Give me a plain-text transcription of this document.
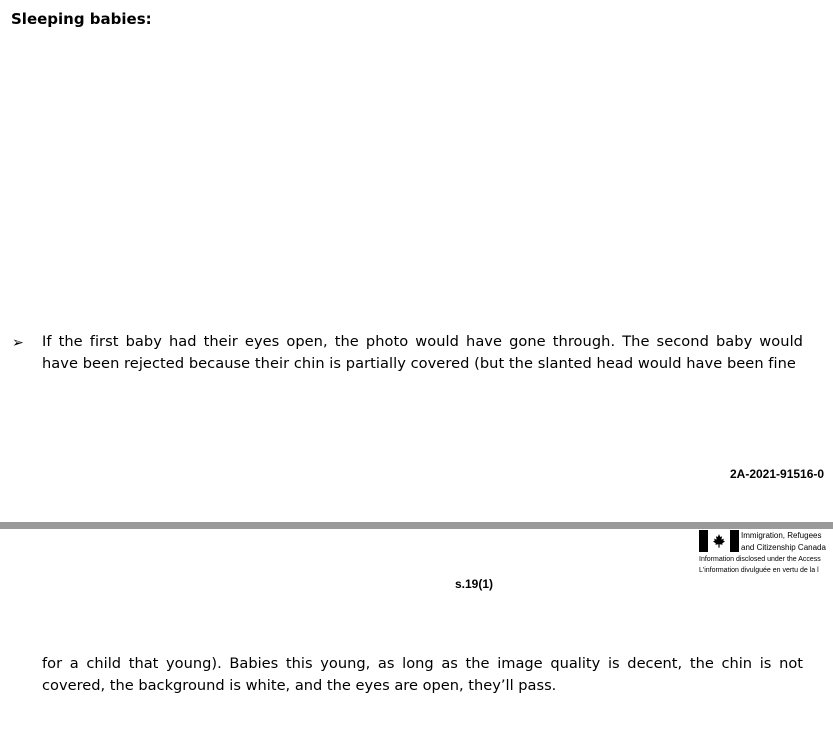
Sleeping babies:
➢ If the first baby had their eyes open, the photo would have gone through. The second baby would have been rejected because their chin is partially covered (but the slanted head would have been fine

2A-2021-91516-0
Immigration, Refugees
and Citizenship Canada
Information disclosed under the Access
L'information divulguée en vertu de la l
s.19(1)

for a child that young). Babies this young, as long as the image quality is decent, the chin is not covered, the background is white, and the eyes are open, they’ll pass.
